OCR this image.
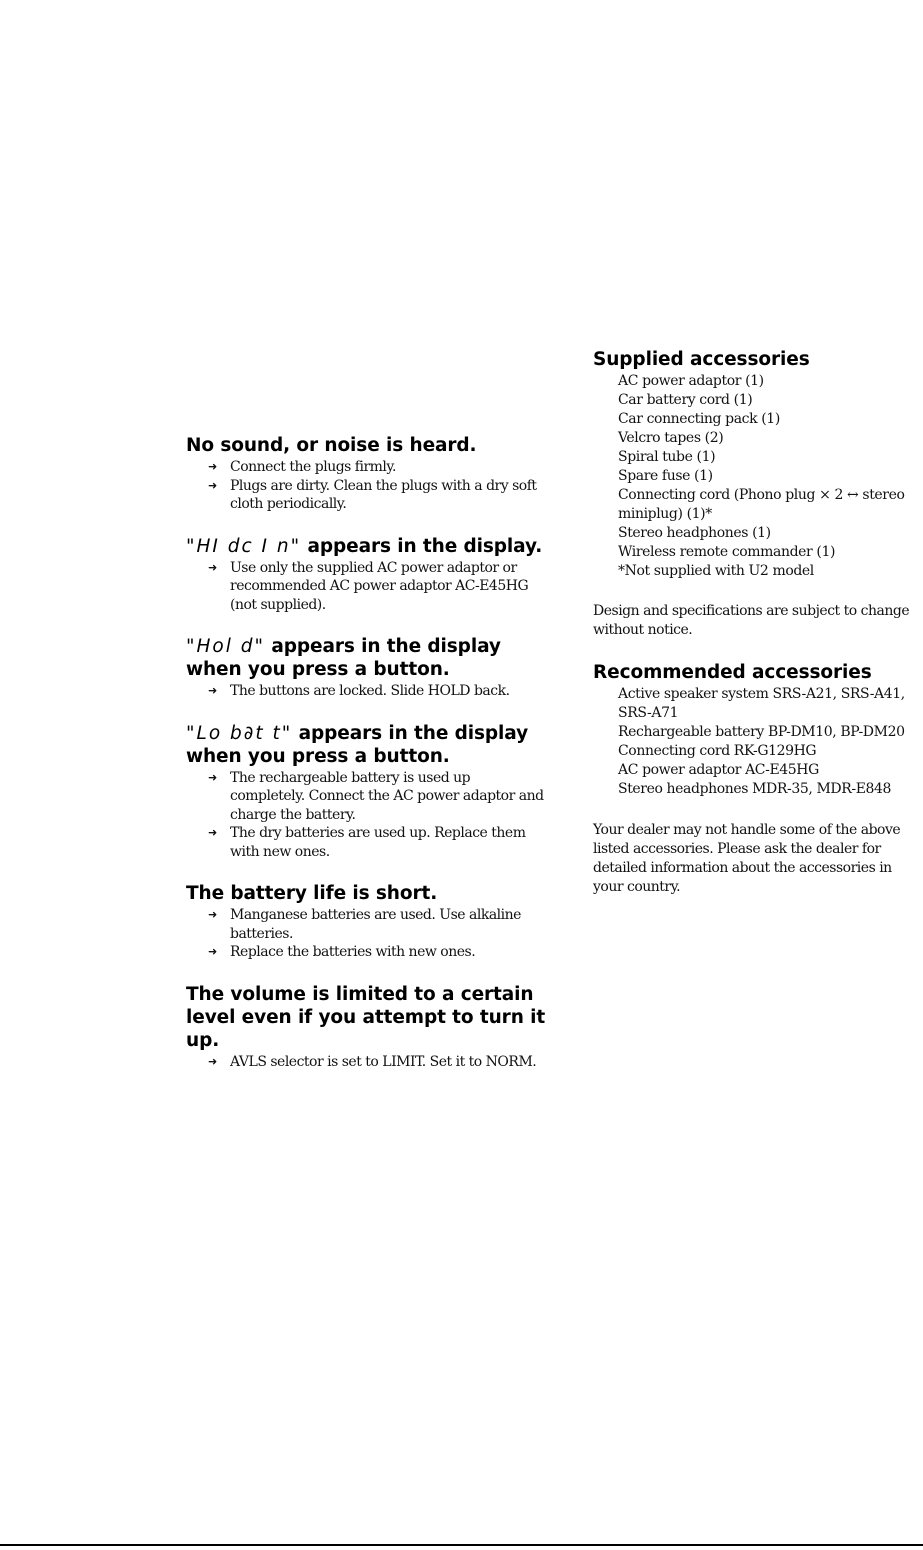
No sound, or noise is heard.
➜ Connect the plugs firmly.
➜ Plugs are dirty. Clean the plugs with a dry soft cloth periodically.
"HI dc I n" appears in the display.
➜ Use only the supplied AC power adaptor or recommended AC power adaptor AC-E45HG (not supplied).
"Hol d" appears in the display when you press a button.
➜ The buttons are locked. Slide HOLD back.
"Lo b∂t t" appears in the display when you press a button.
➜ The rechargeable battery is used up completely. Connect the AC power adaptor and charge the battery.
➜ The dry batteries are used up. Replace them with new ones.
The battery life is short.
➜ Manganese batteries are used. Use alkaline batteries.
➜ Replace the batteries with new ones.
The volume is limited to a certain level even if you attempt to turn it up.
➜ AVLS selector is set to LIMIT. Set it to NORM.
Supplied accessories
AC power adaptor (1)
Car battery cord (1)
Car connecting pack (1)
Velcro tapes (2)
Spiral tube (1)
Spare fuse (1)
Connecting cord (Phono plug × 2 ↔ stereo miniplug) (1)*
Stereo headphones (1)
Wireless remote commander (1)
*Not supplied with U2 model

Design and specifications are subject to change without notice.

Recommended accessories
Active speaker system SRS-A21, SRS-A41, SRS-A71
Rechargeable battery BP-DM10, BP-DM20
Connecting cord RK-G129HG
AC power adaptor AC-E45HG
Stereo headphones MDR-35, MDR-E848

Your dealer may not handle some of the above listed accessories. Please ask the dealer for detailed information about the accessories in your country.
